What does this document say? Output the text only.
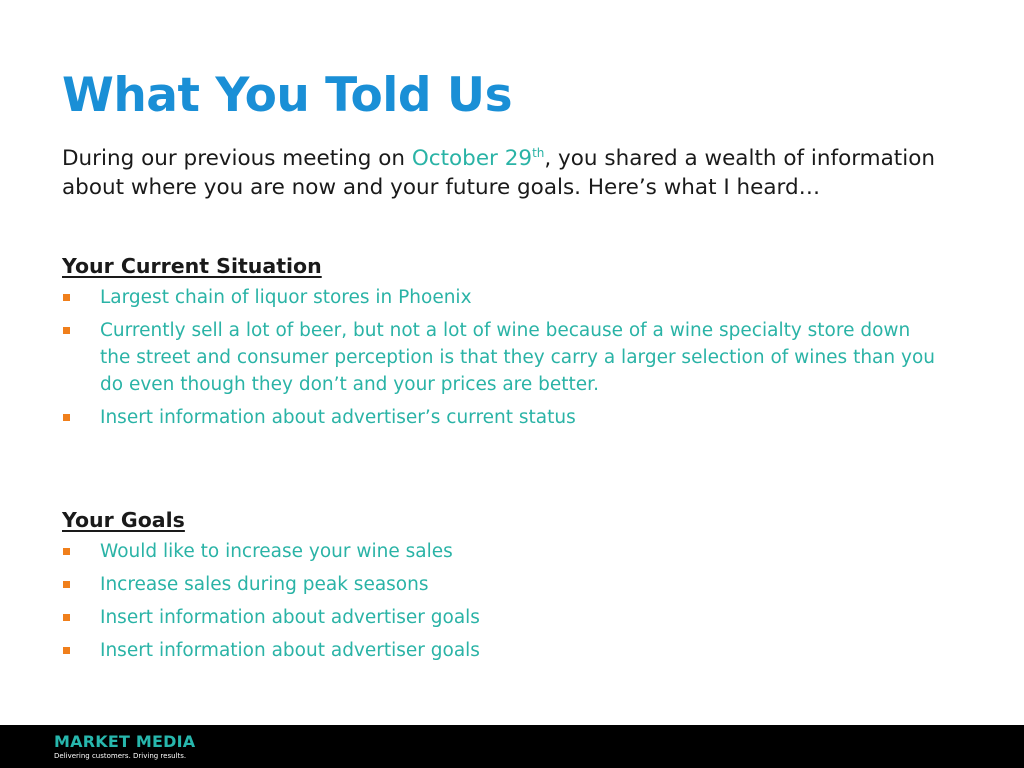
What You Told Us

During our previous meeting on October 29th, you shared a wealth of information about where you are now and your future goals. Here’s what I heard…

Your Current Situation
Largest chain of liquor stores in Phoenix
Currently sell a lot of beer, but not a lot of wine because of a wine specialty store down the street and consumer perception is that they carry a larger selection of wines than you do even though they don’t and your prices are better.
Insert information about advertiser’s current status
Your Goals
Would like to increase your wine sales
Increase sales during peak seasons
Insert information about advertiser goals
Insert information about advertiser goals
MARKET MEDIA
Delivering customers. Driving results.
